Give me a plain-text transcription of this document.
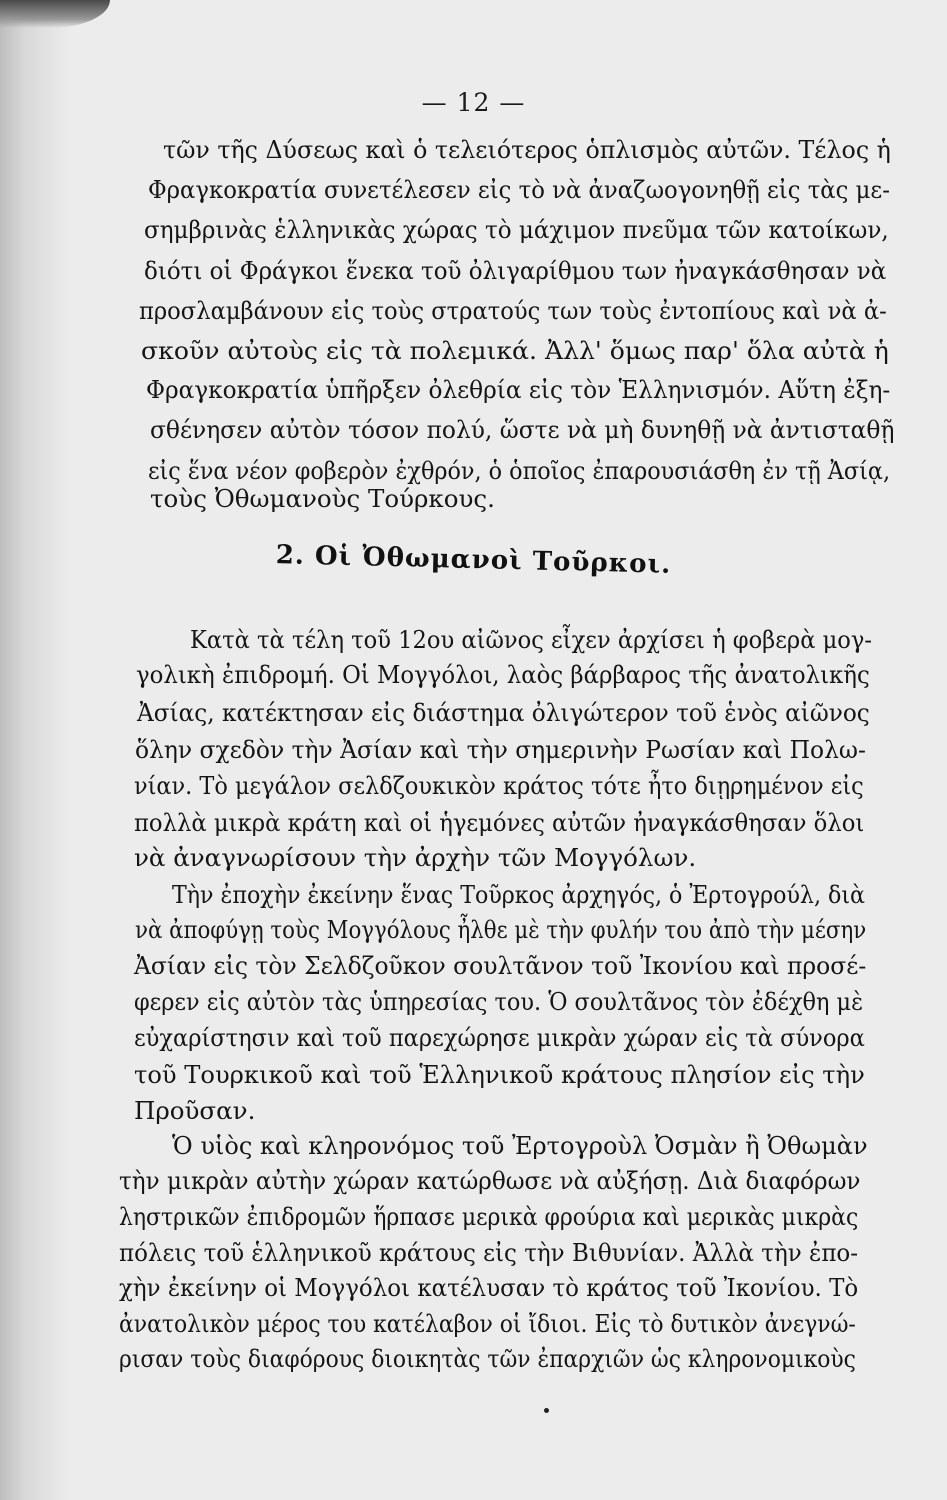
— 12 —
τῶν τῆς Δύσεως καὶ ὁ τελειότερος ὁπλισμὸς αὐτῶν. Τέλος ἡ
Φραγκοκρατία συνετέλεσεν εἰς τὸ νὰ ἀναζωογονηθῇ εἰς τὰς με-
σημβρινὰς ἑλληνικὰς χώρας τὸ μάχιμον πνεῦμα τῶν κατοίκων,
διότι οἱ Φράγκοι ἕνεκα τοῦ ὀλιγαρίθμου των ἠναγκάσθησαν νὰ
προσλαμβάνουν εἰς τοὺς στρατούς των τοὺς ἐντοπίους καὶ νὰ ἀ-
σκοῦν αὐτοὺς εἰς τὰ πολεμικά. Ἀλλ' ὅμως παρ' ὅλα αὐτὰ ἡ
Φραγκοκρατία ὑπῆρξεν ὀλεθρία εἰς τὸν Ἑλληνισμόν. Αὕτη ἐξη-
σθένησεν αὐτὸν τόσον πολύ, ὥστε νὰ μὴ δυνηθῇ νὰ ἀντισταθῇ
εἰς ἕνα νέον φοβερὸν ἐχθρόν, ὁ ὁποῖος ἐπαρουσιάσθη ἐν τῇ Ἀσίᾳ,
τοὺς Ὀθωμανοὺς Τούρκους.
2. Οἱ Ὀθωμανοὶ Τοῦρκοι.
Κατὰ τὰ τέλη τοῦ 12ου αἰῶνος εἶχεν ἀρχίσει ἡ φοβερὰ μογ-
γολικὴ ἐπιδρομή. Οἱ Μογγόλοι, λαὸς βάρβαρος τῆς ἀνατολικῆς
Ἀσίας, κατέκτησαν εἰς διάστημα ὀλιγώτερον τοῦ ἑνὸς αἰῶνος
ὅλην σχεδὸν τὴν Ἀσίαν καὶ τὴν σημερινὴν Ρωσίαν καὶ Πολω-
νίαν. Τὸ μεγάλον σελδζουκικὸν κράτος τότε ἦτο διῃρημένον εἰς
πολλὰ μικρὰ κράτη καὶ οἱ ἡγεμόνες αὐτῶν ἠναγκάσθησαν ὅλοι
νὰ ἀναγνωρίσουν τὴν ἀρχὴν τῶν Μογγόλων.
Τὴν ἐποχὴν ἐκείνην ἕνας Τοῦρκος ἀρχηγός, ὁ Ἐρτογρούλ, διὰ
νὰ ἀποφύγῃ τοὺς Μογγόλους ἦλθε μὲ τὴν φυλήν του ἀπὸ τὴν μέσην
Ἀσίαν εἰς τὸν Σελδζοῦκον σουλτᾶνον τοῦ Ἰκονίου καὶ προσέ-
φερεν εἰς αὐτὸν τὰς ὑπηρεσίας του. Ὁ σουλτᾶνος τὸν ἐδέχθη μὲ
εὐχαρίστησιν καὶ τοῦ παρεχώρησε μικρὰν χώραν εἰς τὰ σύνορα
τοῦ Τουρκικοῦ καὶ τοῦ Ἑλληνικοῦ κράτους πλησίον εἰς τὴν
Προῦσαν.
Ὁ υἱὸς καὶ κληρονόμος τοῦ Ἐρτογροὺλ Ὀσμὰν ἢ Ὀθωμὰν
τὴν μικρὰν αὐτὴν χώραν κατώρθωσε νὰ αὐξήσῃ. Διὰ διαφόρων
ληστρικῶν ἐπιδρομῶν ἥρπασε μερικὰ φρούρια καὶ μερικὰς μικρὰς
πόλεις τοῦ ἑλληνικοῦ κράτους εἰς τὴν Βιθυνίαν. Ἀλλὰ τὴν ἐπο-
χὴν ἐκείνην οἱ Μογγόλοι κατέλυσαν τὸ κράτος τοῦ Ἰκονίου. Τὸ
ἀνατολικὸν μέρος του κατέλαβον οἱ ἴδιοι. Εἰς τὸ δυτικὸν ἀνεγνώ-
ρισαν τοὺς διαφόρους διοικητὰς τῶν ἐπαρχιῶν ὡς κληρονομικοὺς
